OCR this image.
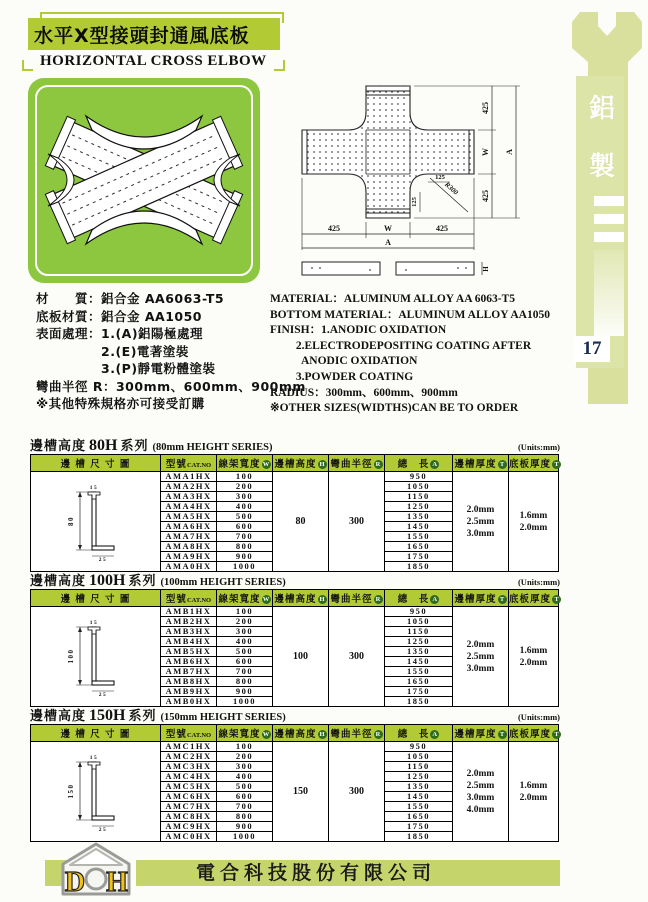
水平X型接頭封通風底板
HORIZONTAL CROSS ELBOW
425	W	425
A
425
W
425
A
125
125
R300
H
材　　質：鋁合金 AA6063-T5
底板材質：鋁合金 AA1050
表面處理：1.(A)鋁陽極處理
　　　　　2.(E)電著塗裝
　　　　　3.(P)靜電粉體塗裝
彎曲半徑 R：300mm、600mm、900mm
※其他特殊規格亦可接受訂購
MATERIAL：ALUMINUM ALLOY AA 6063-T5
BOTTOM MATERIAL：ALUMINUM ALLOY AA1050
FINISH：1.ANODIC OXIDATION
2.ELECTRODEPOSITING COATING AFTER
ANODIC OXIDATION
3.POWDER COATING
RADIUS：300mm、600mm、900mm
※OTHER SIZES(WIDTHS)CAN BE TO ORDER
邊槽高度 80H 系列 (80mm HEIGHT SERIES)	(Units:mm)
邊 槽 尺 寸 圖	型號CAT.NO	線架寬度 W	邊槽高度 H	彎曲半徑 R	總　長 A	邊槽厚度 T	底板厚度 T

80
15
25
	AMA1HX	100	80	300	950	
2.0mm
2.5mm
3.0mm

1.6mm
2.0mm

	AMA2HX	200			1050		
	AMA3HX	300			1150		
	AMA4HX	400			1250		
	AMA5HX	500			1350		
	AMA6HX	600			1450		
	AMA7HX	700			1550		
	AMA8HX	800			1650		
	AMA9HX	900			1750		
	AMA0HX	1000			1850		
邊槽高度 100H 系列 (100mm HEIGHT SERIES)	(Units:mm)
邊 槽 尺 寸 圖	型號CAT.NO	線架寬度 W	邊槽高度 H	彎曲半徑 R	總　長 A	邊槽厚度 T	底板厚度 T

100
15
25
	AMB1HX	100	100	300	950	
2.0mm
2.5mm
3.0mm

1.6mm
2.0mm

	AMB2HX	200			1050		
	AMB3HX	300			1150		
	AMB4HX	400			1250		
	AMB5HX	500			1350		
	AMB6HX	600			1450		
	AMB7HX	700			1550		
	AMB8HX	800			1650		
	AMB9HX	900			1750		
	AMB0HX	1000			1850		
邊槽高度 150H 系列 (150mm HEIGHT SERIES)	(Units:mm)
邊 槽 尺 寸 圖	型號CAT.NO	線架寬度 W	邊槽高度 H	彎曲半徑 R	總　長 A	邊槽厚度 T	底板厚度 T

150
15
25
	AMC1HX	100	150	300	950	
2.0mm
2.5mm
3.0mm
4.0mm

1.6mm
2.0mm

	AMC2HX	200			1050		
	AMC3HX	300			1150		
	AMC4HX	400			1250		
	AMC5HX	500			1350		
	AMC6HX	600			1450		
	AMC7HX	700			1550		
	AMC8HX	800			1650		
	AMC9HX	900			1750		
	AMC0HX	1000			1850		
鋁
製
17
D H	電合科技股份有限公司
